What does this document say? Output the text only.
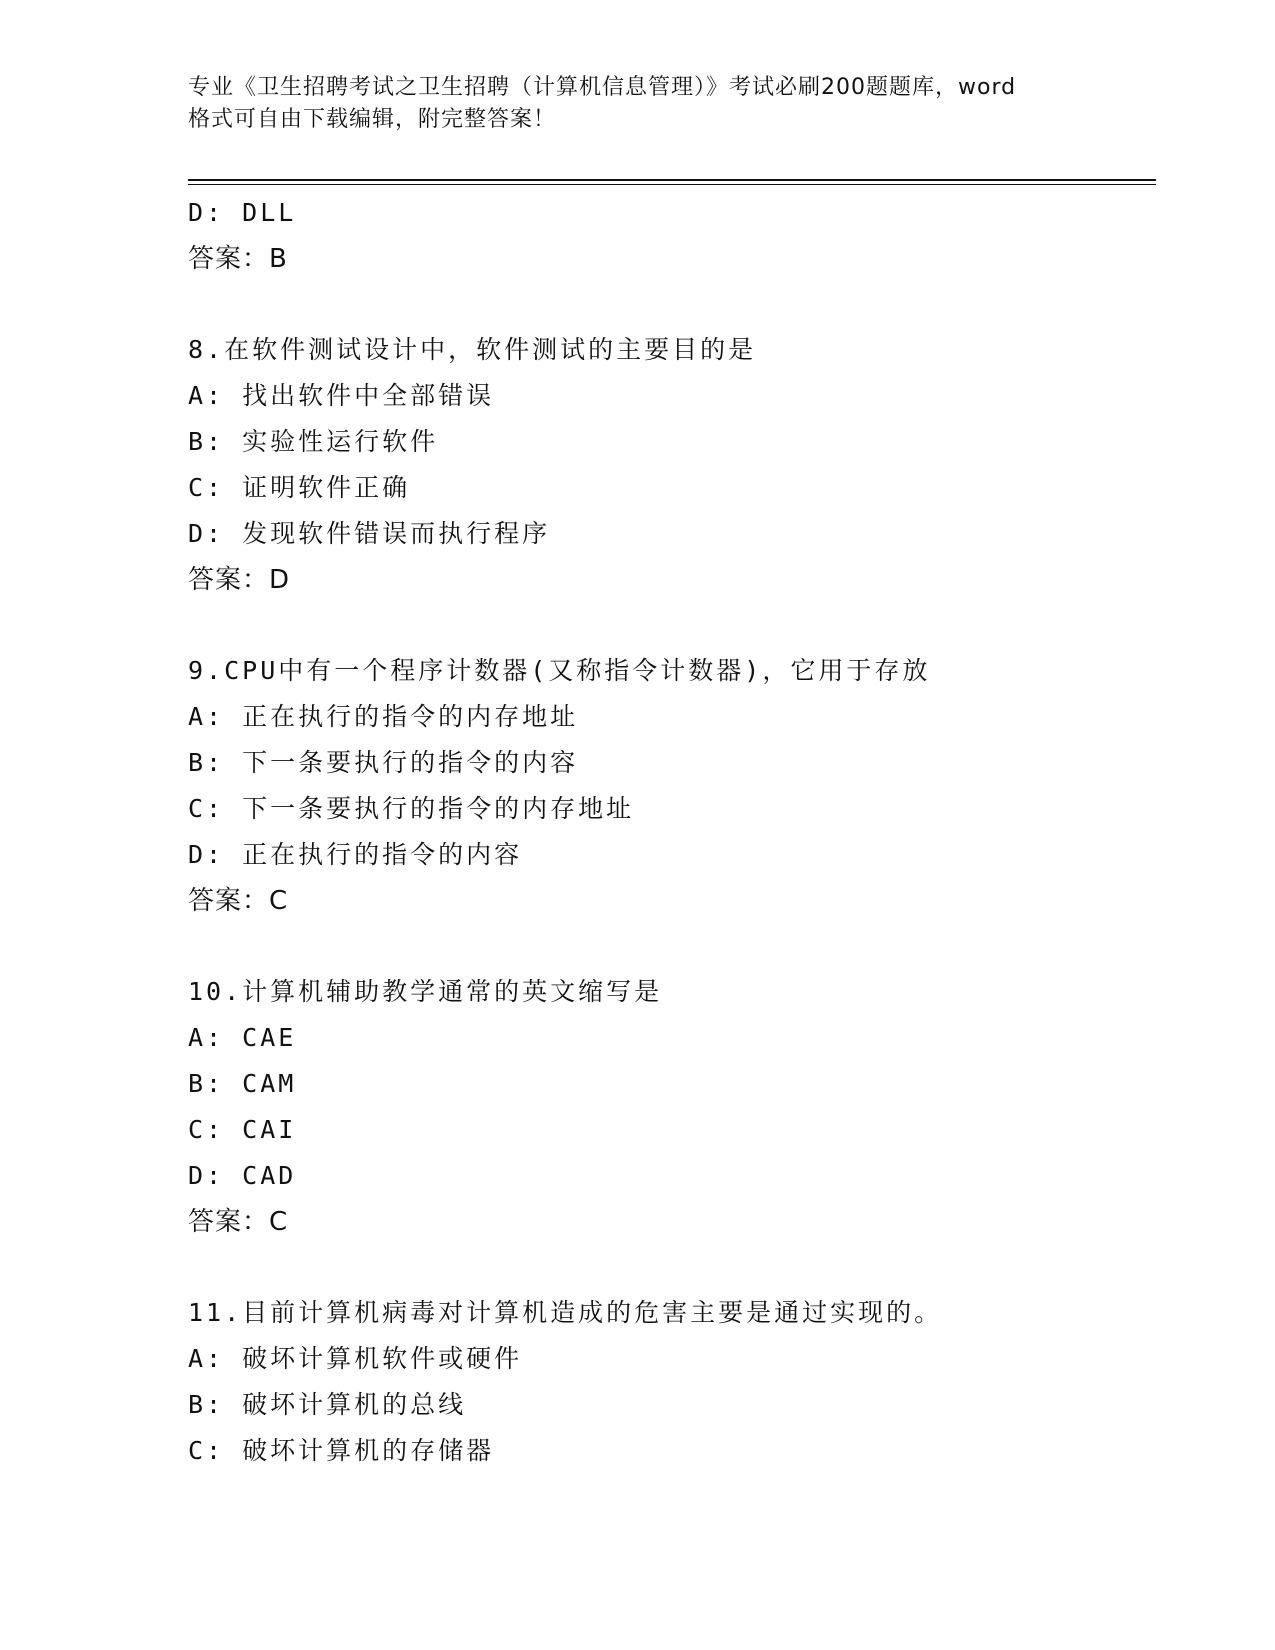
专业《卫生招聘考试之卫生招聘（计算机信息管理）》考试必刷200题题库，word
格式可自由下载编辑，附完整答案！
D: DLL
答案：B
8.在软件测试设计中，软件测试的主要目的是
A: 找出软件中全部错误
B: 实验性运行软件
C: 证明软件正确
D: 发现软件错误而执行程序
答案：D
9.CPU中有一个程序计数器(又称指令计数器)，它用于存放
A: 正在执行的指令的内存地址
B: 下一条要执行的指令的内容
C: 下一条要执行的指令的内存地址
D: 正在执行的指令的内容
答案：C
10.计算机辅助教学通常的英文缩写是
A: CAE
B: CAM
C: CAI
D: CAD
答案：C
11.目前计算机病毒对计算机造成的危害主要是通过实现的。
A: 破坏计算机软件或硬件
B: 破坏计算机的总线
C: 破坏计算机的存储器
